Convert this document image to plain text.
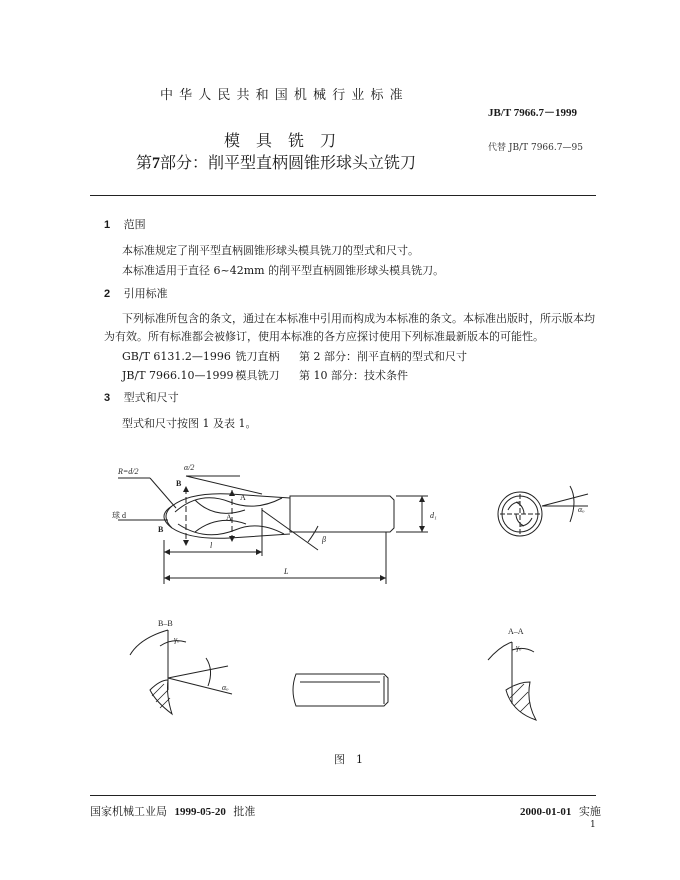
中 华 人 民 共 和 国 机 械 行 业 标 准
JB/T 7966.7－1999
模　具　铣　刀
第7部分：削平型直柄圆锥形球头立铣刀
代替 JB/T 7966.7—95
1 范围
本标准规定了削平型直柄圆锥形球头模具铣刀的型式和尺寸。
本标准适用于直径 6~42mm 的削平型直柄圆锥形球头模具铣刀。
2 引用标准
下列标准所包含的条文，通过在本标准中引用而构成为本标准的条文。本标准出版时，所示版本均
为有效。所有标准都会被修订，使用本标准的各方应探讨使用下列标准最新版本的可能性。
GB/T 6131.2—1996 铣刀直柄 第 2 部分：削平直柄的型式和尺寸
JB/T 7966.10—1999 模具铣刀 第 10 部分：技术条件
3 型式和尺寸
型式和尺寸按图 1 及表 1。
R=d/2	α/2
球 d
B
B
A
A
β
l
L
d₁
αₒ
B–B
γₒ
αₒ
A–A
γₒ
图　1
国家机械工业局 1999-05-20 批准	2000-01-01 实施
1
